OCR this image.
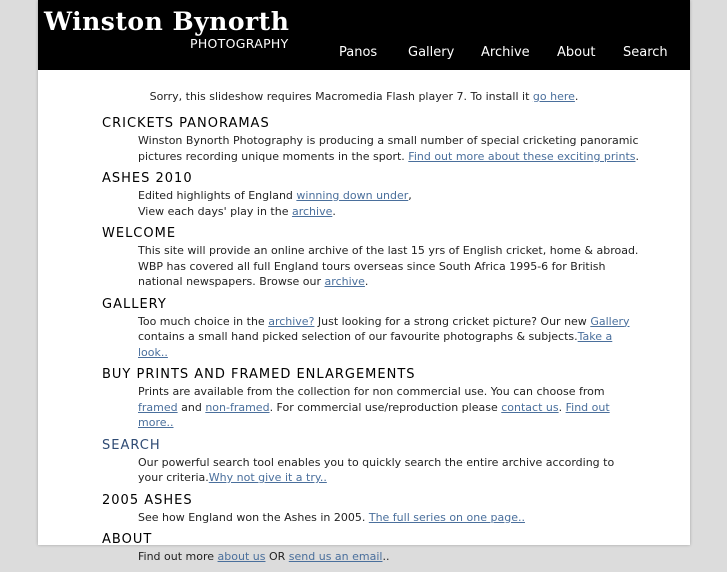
Winston Bynorth
PHOTOGRAPHY
Panos Gallery Archive About Search
Sorry, this slideshow requires Macromedia Flash player 7. To install it go here.
CRICKETS PANORAMAS
Winston Bynorth Photography is producing a small number of special cricketing panoramic pictures recording unique moments in the sport. Find out more about these exciting prints.
ASHES 2010
Edited highlights of England winning down under,
View each days' play in the archive.
WELCOME
This site will provide an online archive of the last 15 yrs of English cricket, home & abroad. WBP has covered all full England tours overseas since South Africa 1995-6 for British national newspapers. Browse our archive.
GALLERY
Too much choice in the archive? Just looking for a strong cricket picture? Our new Gallery contains a small hand picked selection of our favourite photographs & subjects.Take a look..
BUY PRINTS AND FRAMED ENLARGEMENTS
Prints are available from the collection for non commercial use. You can choose from framed and non-framed. For commercial use/reproduction please contact us. Find out more..
SEARCH
Our powerful search tool enables you to quickly search the entire archive according to your criteria.Why not give it a try..
2005 ASHES
See how England won the Ashes in 2005. The full series on one page..
ABOUT
Find out more about us OR send us an email..
